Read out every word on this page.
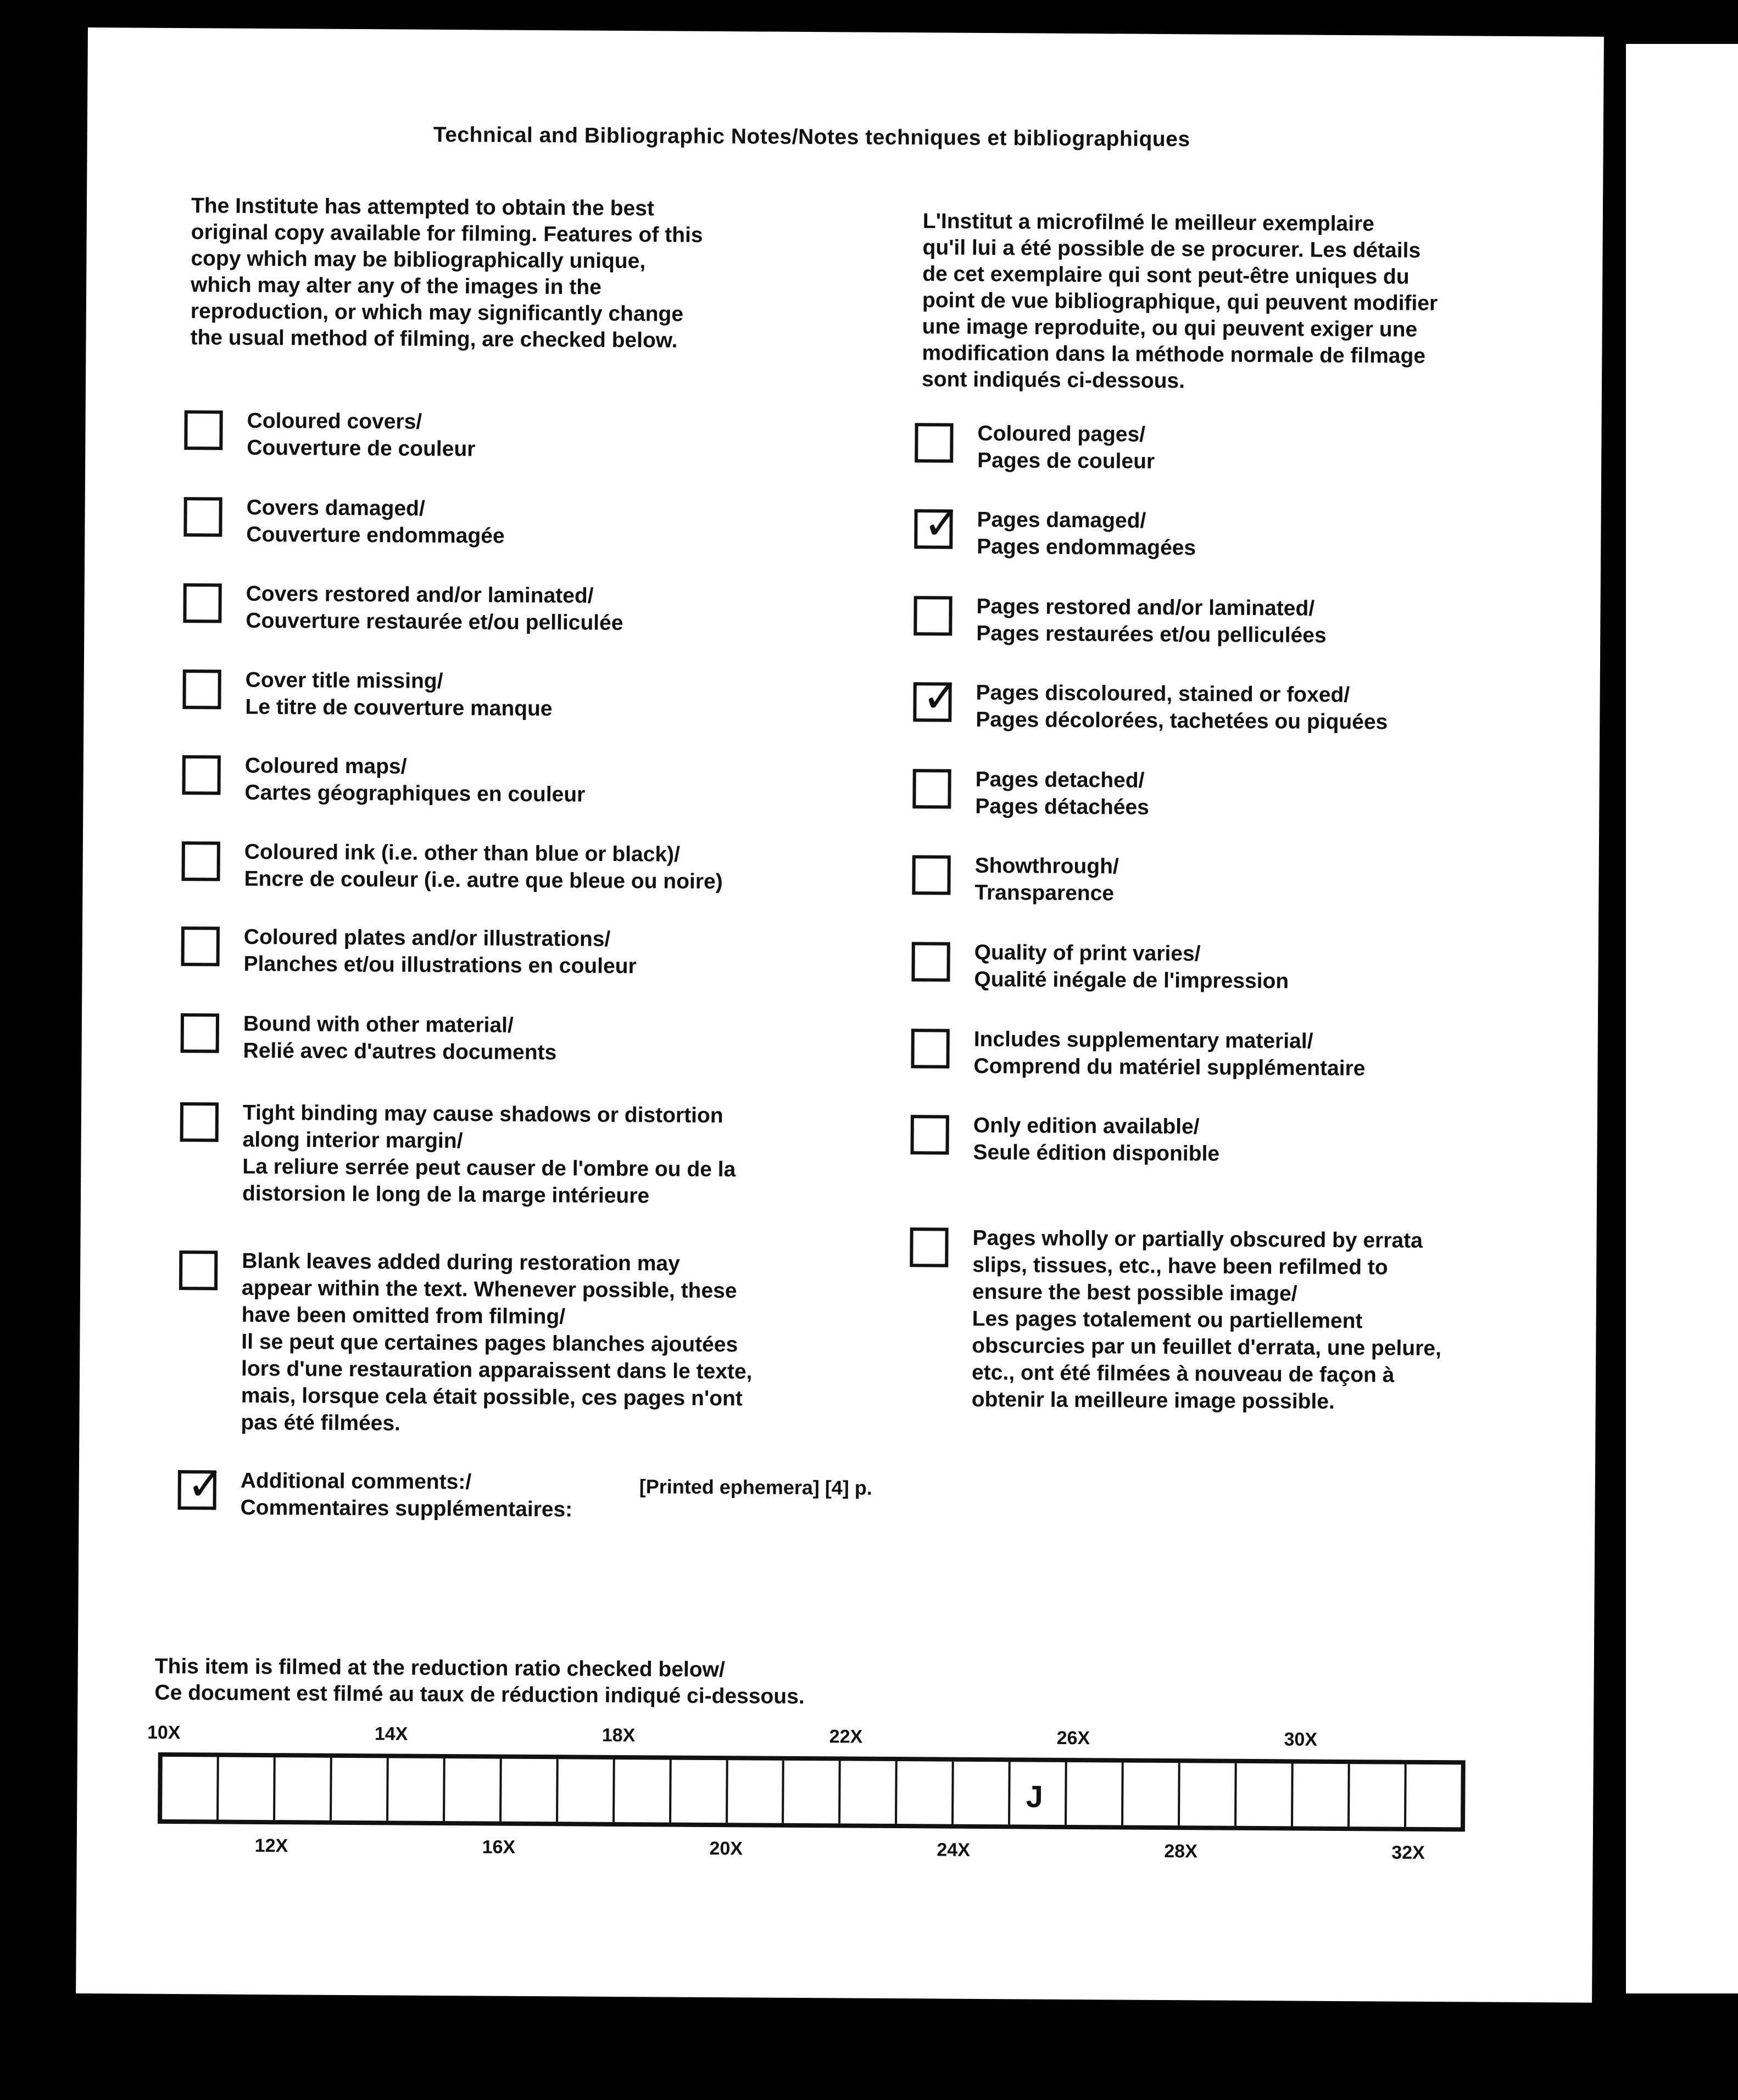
Technical and Bibliographic Notes/Notes techniques et bibliographiques
The Institute has attempted to obtain the best
original copy available for filming. Features of this
copy which may be bibliographically unique,
which may alter any of the images in the
reproduction, or which may significantly change
the usual method of filming, are checked below.
L'Institut a microfilmé le meilleur exemplaire
qu'il lui a été possible de se procurer. Les détails
de cet exemplaire qui sont peut-être uniques du
point de vue bibliographique, qui peuvent modifier
une image reproduite, ou qui peuvent exiger une
modification dans la méthode normale de filmage
sont indiqués ci-dessous.
Coloured covers/
Couverture de couleur
Covers damaged/
Couverture endommagée
Covers restored and/or laminated/
Couverture restaurée et/ou pelliculée
Cover title missing/
Le titre de couverture manque
Coloured maps/
Cartes géographiques en couleur
Coloured ink (i.e. other than blue or black)/
Encre de couleur (i.e. autre que bleue ou noire)
Coloured plates and/or illustrations/
Planches et/ou illustrations en couleur
Bound with other material/
Relié avec d'autres documents
Tight binding may cause shadows or distortion
along interior margin/
La reliure serrée peut causer de l'ombre ou de la
distorsion le long de la marge intérieure
Blank leaves added during restoration may
appear within the text. Whenever possible, these
have been omitted from filming/
Il se peut que certaines pages blanches ajoutées
lors d'une restauration apparaissent dans le texte,
mais, lorsque cela était possible, ces pages n'ont
pas été filmées.
✓ Additional comments:/
Commentaires supplémentaires:
Coloured pages/
Pages de couleur
✓ Pages damaged/
Pages endommagées
Pages restored and/or laminated/
Pages restaurées et/ou pelliculées
✓ Pages discoloured, stained or foxed/
Pages décolorées, tachetées ou piquées
Pages detached/
Pages détachées
Showthrough/
Transparence
Quality of print varies/
Qualité inégale de l'impression
Includes supplementary material/
Comprend du matériel supplémentaire
Only edition available/
Seule édition disponible
Pages wholly or partially obscured by errata
slips, tissues, etc., have been refilmed to
ensure the best possible image/
Les pages totalement ou partiellement
obscurcies par un feuillet d'errata, une pelure,
etc., ont été filmées à nouveau de façon à
obtenir la meilleure image possible.
[Printed ephemera] [4] p.
This item is filmed at the reduction ratio checked below/
Ce document est filmé au taux de réduction indiqué ci-dessous.
10X	14X	18X	22X	26X	30X
12X	16X	20X	24X	28X	32X
J
